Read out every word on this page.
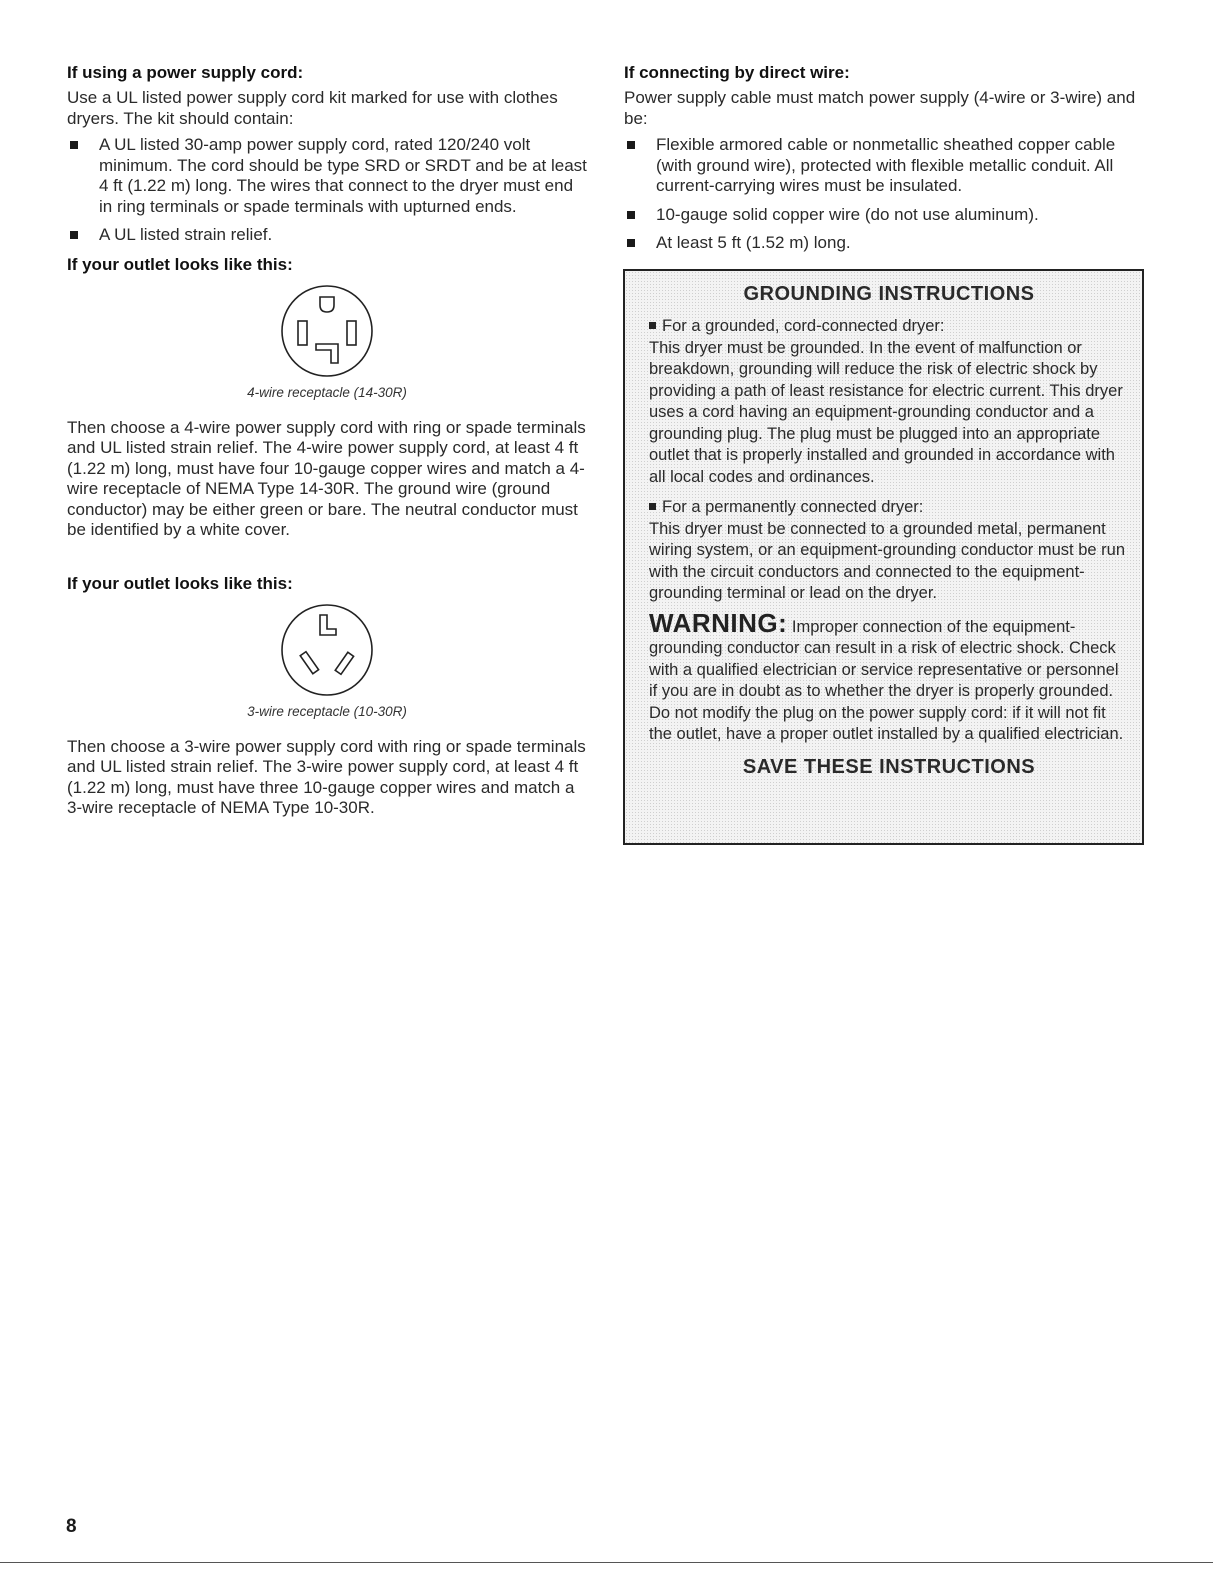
If using a power supply cord:

Use a UL listed power supply cord kit marked for use with clothes dryers. The kit should contain:

A UL listed 30-amp power supply cord, rated 120/240 volt minimum. The cord should be type SRD or SRDT and be at least 4 ft (1.22 m) long. The wires that connect to the dryer must end in ring terminals or spade terminals with upturned ends.
A UL listed strain relief.
If your outlet looks like this:
4-wire receptacle (14-30R)

Then choose a 4-wire power supply cord with ring or spade terminals and UL listed strain relief. The 4-wire power supply cord, at least 4 ft (1.22 m) long, must have four 10-gauge copper wires and match a 4-wire receptacle of NEMA Type 14-30R. The ground wire (ground conductor) may be either green or bare. The neutral conductor must be identified by a white cover.

If your outlet looks like this:
3-wire receptacle (10-30R)

Then choose a 3-wire power supply cord with ring or spade terminals and UL listed strain relief. The 3-wire power supply cord, at least 4 ft (1.22 m) long, must have three 10-gauge copper wires and match a 3-wire receptacle of NEMA Type 10-30R.

If connecting by direct wire:

Power supply cable must match power supply (4-wire or 3-wire) and be:

Flexible armored cable or nonmetallic sheathed copper cable (with ground wire), protected with flexible metallic conduit. All current-carrying wires must be insulated.
10-gauge solid copper wire (do not use aluminum).
At least 5 ft (1.52 m) long.
GROUNDING INSTRUCTIONS

For a grounded, cord-connected dryer:

This dryer must be grounded. In the event of malfunction or breakdown, grounding will reduce the risk of electric shock by providing a path of least resistance for electric current. This dryer uses a cord having an equipment-grounding conductor and a grounding plug. The plug must be plugged into an appropriate outlet that is properly installed and grounded in accordance with all local codes and ordinances.

For a permanently connected dryer:

This dryer must be connected to a grounded metal, permanent wiring system, or an equipment-grounding conductor must be run with the circuit conductors and connected to the equipment-grounding terminal or lead on the dryer.

WARNING: Improper connection of the equipment-grounding conductor can result in a risk of electric shock. Check with a qualified electrician or service representative or personnel if you are in doubt as to whether the dryer is properly grounded. Do not modify the plug on the power supply cord: if it will not fit the outlet, have a proper outlet installed by a qualified electrician.

SAVE THESE INSTRUCTIONS
8
